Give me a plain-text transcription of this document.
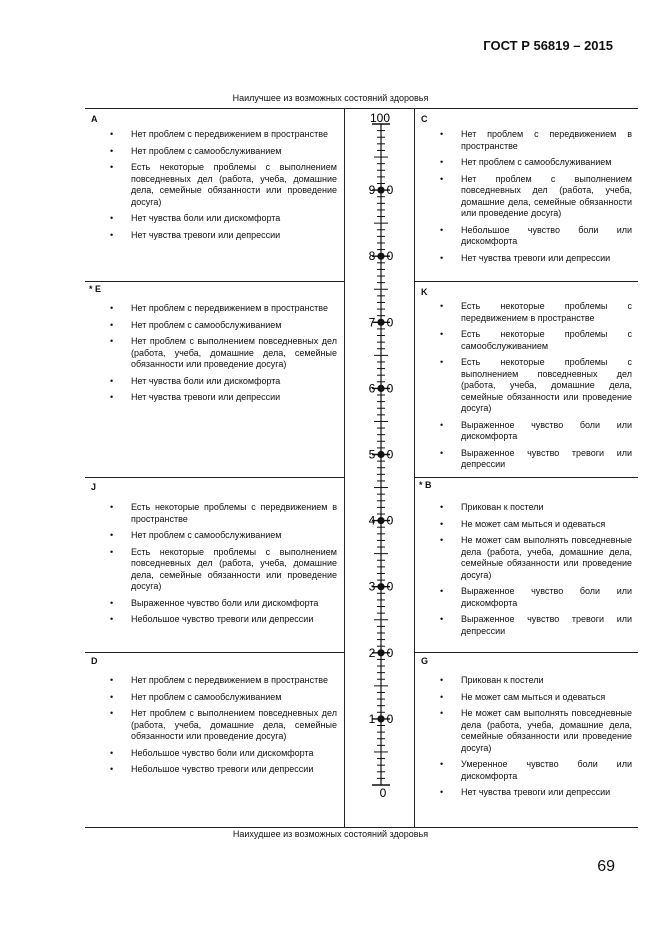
ГОСТ Р 56819 – 2015
Наилучшее из возможных состояний здоровья
A
• Нет проблем с передвижением в пространстве
• Нет проблем с самообслуживанием
• Есть некоторые проблемы с выполнением повседневных дел (работа, учеба, домашние дела, семейные обязанности или проведение досуга)
• Нет чувства боли или дискомфорта
• Нет чувства тревоги или депрессии
C
• Нет проблем с передвижением в пространстве
• Нет проблем с самообслуживанием
• Нет проблем с выполнением повседневных дел (работа, учеба, домашние дела, семейные обязанности или проведение досуга)
• Небольшое чувство боли или дискомфорта
• Нет чувства тревоги или депрессии
* E
• Нет проблем с передвижением в пространстве
• Нет проблем с самообслуживанием
• Нет проблем с выполнением повседневных дел (работа, учеба, домашние дела, семейные обязанности или проведение досуга)
• Нет чувства боли или дискомфорта
• Нет чувства тревоги или депрессии
K
• Есть некоторые проблемы с передвижением в пространстве
• Есть некоторые проблемы с самообслуживанием
• Есть некоторые проблемы с выполнением повседневных дел (работа, учеба, домашние дела, семейные обязанности или проведение досуга)
• Выраженное чувство боли или дискомфорта
• Выраженное чувство тревоги или депрессии
J
• Есть некоторые проблемы с передвижением в пространстве
• Нет проблем с самообслуживанием
• Есть некоторые проблемы с выполнением повседневных дел (работа, учеба, домашние дела, семейные обязанности или проведение досуга)
• Выраженное чувство боли или дискомфорта
• Небольшое чувство тревоги или депрессии
* B
• Прикован к постели
• Не может сам мыться и одеваться
• Не может сам выполнять повседневные дела (работа, учеба, домашние дела, семейные обязанности или проведение досуга)
• Выраженное чувство боли или дискомфорта
• Выраженное чувство тревоги или депрессии
D
• Нет проблем с передвижением в пространстве
• Нет проблем с самообслуживанием
• Нет проблем с выполнением повседневных дел (работа, учеба, домашние дела, семейные обязанности или проведение досуга)
• Небольшое чувство боли или дискомфорта
• Небольшое чувство тревоги или депрессии
G
• Прикован к постели
• Не может сам мыться и одеваться
• Не может сам выполнять повседневные дела (работа, учеба, домашние дела, семейные обязанности или проведение досуга)
• Умеренное чувство боли или дискомфорта
• Нет чувства тревоги или депрессии
100
0
9 0
8 0
7 0
6 0
5 0
4 0
3 0
2 0
1 0
Наихудшее из возможных состояний здоровья
69
